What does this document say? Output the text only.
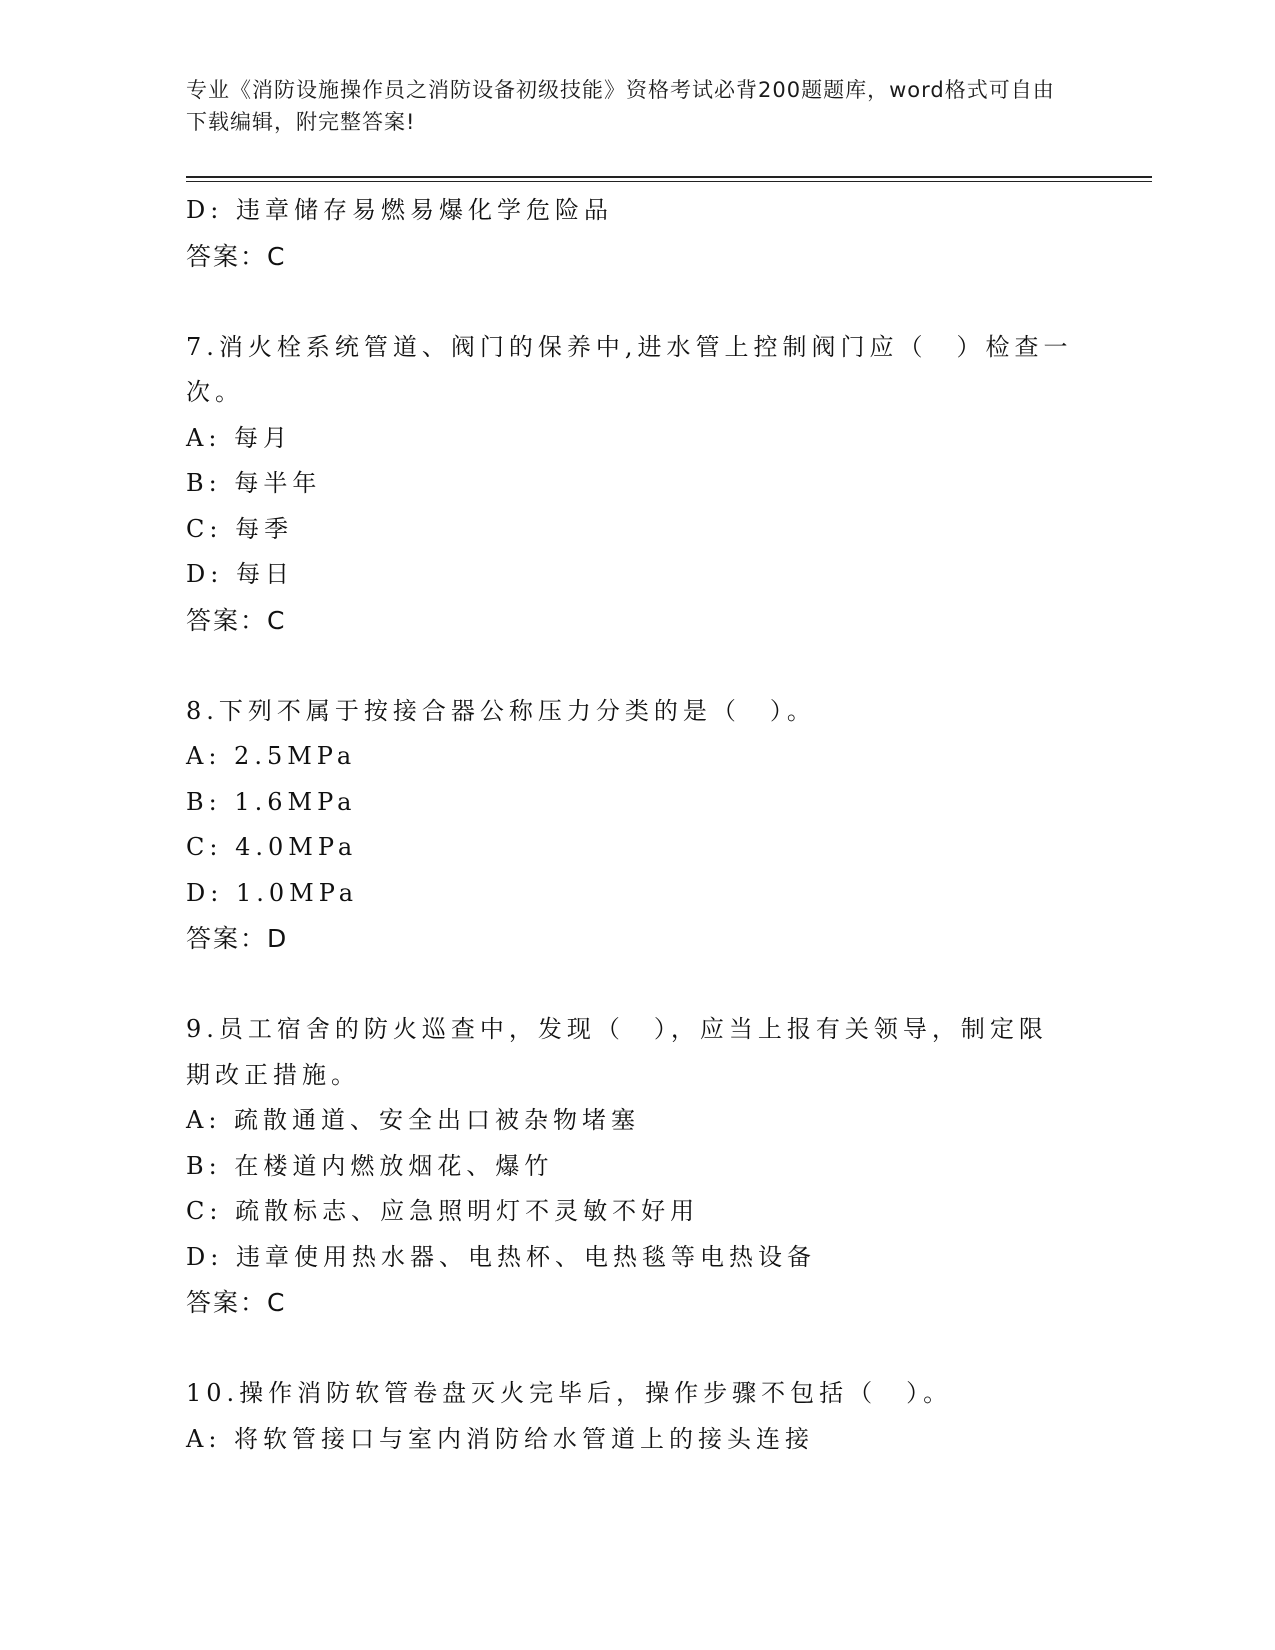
专业《消防设施操作员之消防设备初级技能》资格考试必背200题题库，word格式可自由下载编辑，附完整答案!
D: 违章储存易燃易爆化学危险品
答案：C
7.消火栓系统管道、阀门的保养中,进水管上控制阀门应（　）检查一次。
A: 每月
B: 每半年
C: 每季
D: 每日
答案：C
8.下列不属于按接合器公称压力分类的是（　）。
A: 2.5MPa
B: 1.6MPa
C: 4.0MPa
D: 1.0MPa
答案：D
9.员工宿舍的防火巡查中，发现（　），应当上报有关领导，制定限期改正措施。
A: 疏散通道、安全出口被杂物堵塞
B: 在楼道内燃放烟花、爆竹
C: 疏散标志、应急照明灯不灵敏不好用
D: 违章使用热水器、电热杯、电热毯等电热设备
答案：C
10.操作消防软管卷盘灭火完毕后，操作步骤不包括（　）。
A: 将软管接口与室内消防给水管道上的接头连接
